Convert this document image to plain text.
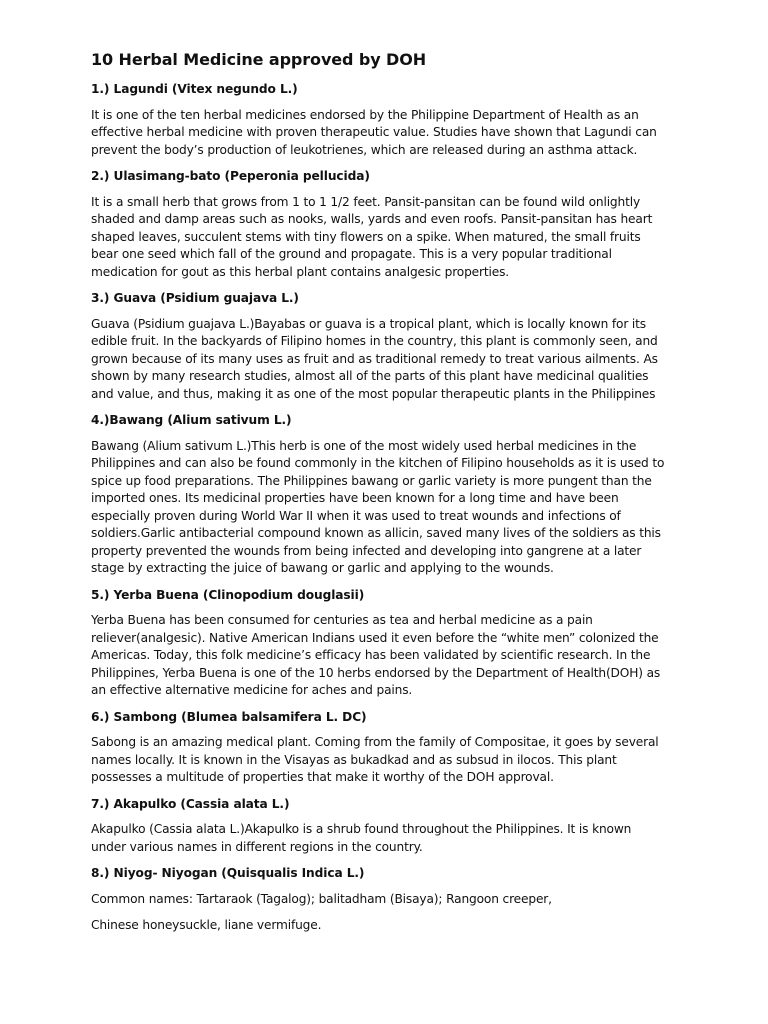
10 Herbal Medicine approved by DOH
1.) Lagundi (Vitex negundo L.)
It is one of the ten herbal medicines endorsed by the Philippine Department of Health as an
effective herbal medicine with proven therapeutic value. Studies have shown that Lagundi can
prevent the body’s production of leukotrienes, which are released during an asthma attack.
2.) Ulasimang-bato (Peperonia pellucida)
It is a small herb that grows from 1 to 1 1/2 feet. Pansit-pansitan can be found wild onlightly
shaded and damp areas such as nooks, walls, yards and even roofs. Pansit-pansitan has heart
shaped leaves, succulent stems with tiny flowers on a spike. When matured, the small fruits
bear one seed which fall of the ground and propagate. This is a very popular traditional
medication for gout as this herbal plant contains analgesic properties.
3.) Guava (Psidium guajava L.)
Guava (Psidium guajava L.)Bayabas or guava is a tropical plant, which is locally known for its
edible fruit. In the backyards of Filipino homes in the country, this plant is commonly seen, and
grown because of its many uses as fruit and as traditional remedy to treat various ailments. As
shown by many research studies, almost all of the parts of this plant have medicinal qualities
and value, and thus, making it as one of the most popular therapeutic plants in the Philippines
4.)Bawang (Alium sativum L.)
Bawang (Alium sativum L.)This herb is one of the most widely used herbal medicines in the
Philippines and can also be found commonly in the kitchen of Filipino households as it is used to
spice up food preparations. The Philippines bawang or garlic variety is more pungent than the
imported ones. Its medicinal properties have been known for a long time and have been
especially proven during World War II when it was used to treat wounds and infections of
soldiers.Garlic antibacterial compound known as allicin, saved many lives of the soldiers as this
property prevented the wounds from being infected and developing into gangrene at a later
stage by extracting the juice of bawang or garlic and applying to the wounds.
5.) Yerba Buena (Clinopodium douglasii)
Yerba Buena has been consumed for centuries as tea and herbal medicine as a pain
reliever(analgesic). Native American Indians used it even before the “white men” colonized the
Americas. Today, this folk medicine’s efficacy has been validated by scientific research. In the
Philippines, Yerba Buena is one of the 10 herbs endorsed by the Department of Health(DOH) as
an effective alternative medicine for aches and pains.
6.) Sambong (Blumea balsamifera L. DC)
Sabong is an amazing medical plant. Coming from the family of Compositae, it goes by several
names locally. It is known in the Visayas as bukadkad and as subsud in ilocos. This plant
possesses a multitude of properties that make it worthy of the DOH approval.
7.) Akapulko (Cassia alata L.)
Akapulko (Cassia alata L.)Akapulko is a shrub found throughout the Philippines. It is known
under various names in different regions in the country.
8.) Niyog- Niyogan (Quisqualis Indica L.)
Common names: Tartaraok (Tagalog); balitadham (Bisaya); Rangoon creeper,
Chinese honeysuckle, liane vermifuge.
